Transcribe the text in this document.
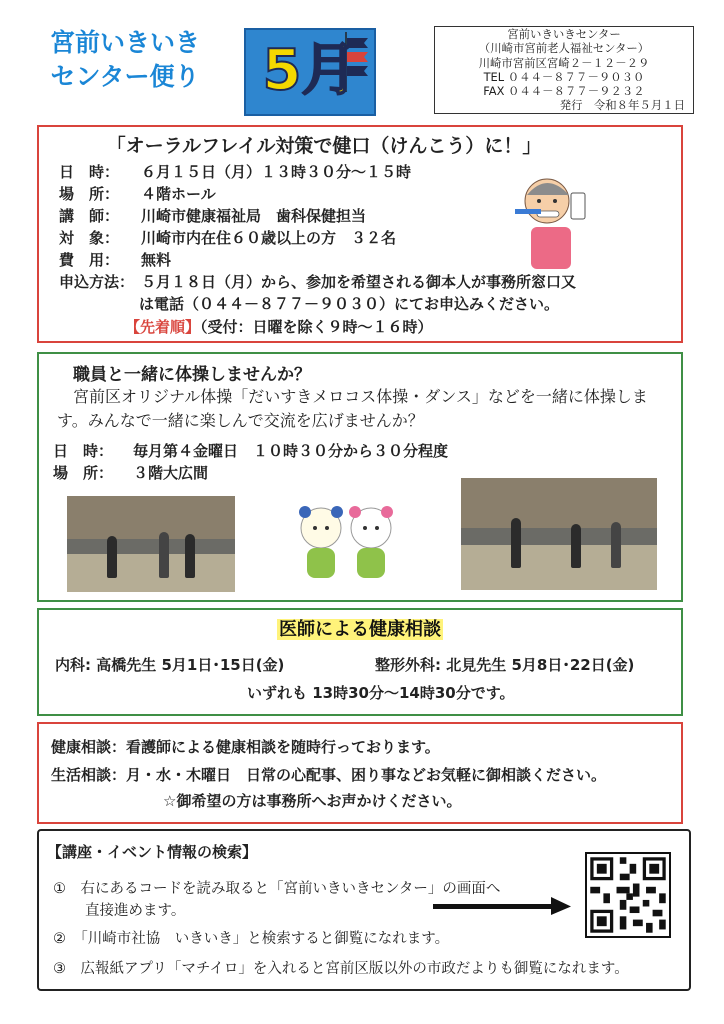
宮前いきいき
センター便り	5月
宮前いきいきセンター
（川崎市宮前老人福祉センター）
川崎市宮前区宮崎２－１２－２９
TEL ０４４－８７７－９０３０
FAX ０４４－８７７－９２３２
発行　令和８年５月１日
「オーラルフレイル対策で健口（けんこう）に！」
日　時： ６月１５日（月）１３時３０分～１５時
場　所： ４階ホール
講　師： 川崎市健康福祉局　歯科保健担当
対　象： 川崎市内在住６０歳以上の方　３２名
費　用： 無料
申込方法： ５月１８日（月）から、参加を希望される御本人が事務所窓口又
は電話（０４４－８７７－９０３０）にてお申込みください。
【先着順】（受付：日曜を除く９時～１６時）
職員と一緒に体操しませんか？
宮前区オリジナル体操「だいすきメロコス体操・ダンス」などを一緒に体操します。みんなで一緒に楽しんで交流を広げませんか？
日　時： 毎月第４金曜日　１０時３０分から３０分程度
場　所： ３階大広間
医師による健康相談
内科: 高橋先生 5月1日･15日(金)	整形外科: 北見先生 5月8日･22日(金)
いずれも 13時30分～14時30分です。
健康相談：看護師による健康相談を随時行っております。
生活相談：月・水・木曜日　日常の心配事、困り事などお気軽に御相談ください。
☆御希望の方は事務所へお声かけください。
【講座・イベント情報の検索】
①　右にあるコードを読み取ると「宮前いきいきセンター」の画面へ
直接進めます。
②　「川崎市社協　いきいき」と検索すると御覧になれます。
③　広報紙アプリ「マチイロ」を入れると宮前区版以外の市政だよりも御覧になれます。
